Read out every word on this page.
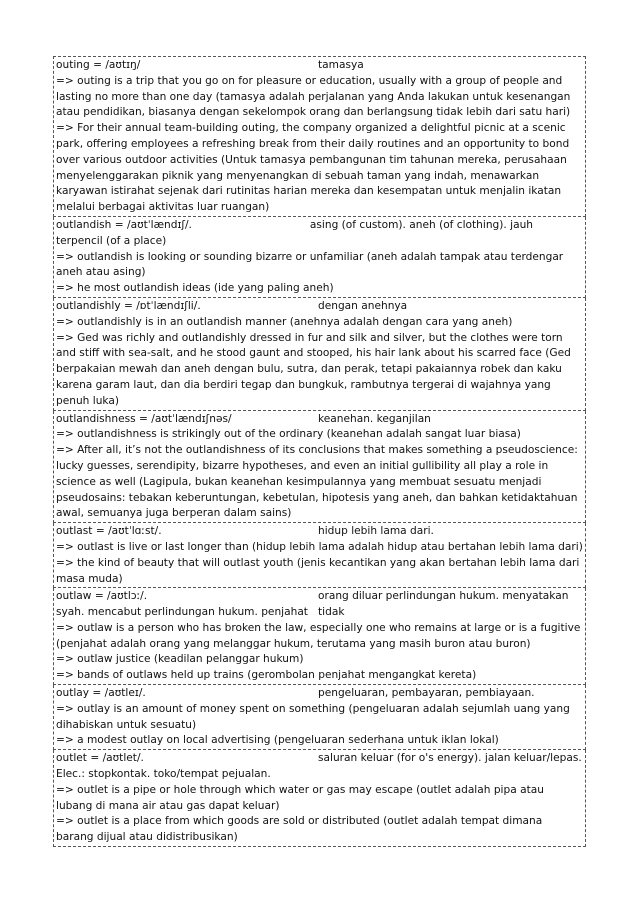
outing = /aʊtɪŋ/	tamasya
=> outing is a trip that you go on for pleasure or education, usually with a group of people and lasting no more than one day (tamasya adalah perjalanan yang Anda lakukan untuk kesenangan atau pendidikan, biasanya dengan sekelompok orang dan berlangsung tidak lebih dari satu hari)
=> For their annual team-building outing, the company organized a delightful picnic at a scenic park, offering employees a refreshing break from their daily routines and an opportunity to bond over various outdoor activities (Untuk tamasya pembangunan tim tahunan mereka, perusahaan menyelenggarakan piknik yang menyenangkan di sebuah taman yang indah, menawarkan karyawan istirahat sejenak dari rutinitas harian mereka dan kesempatan untuk menjalin ikatan melalui berbagai aktivitas luar ruangan)
outlandish = /aʊtˈlændɪʃ/.	asing (of custom). aneh (of clothing). jauh terpencil (of a place)
=> outlandish is looking or sounding bizarre or unfamiliar (aneh adalah tampak atau terdengar aneh atau asing)
=> he most outlandish ideas (ide yang paling aneh)
outlandishly = /ɒtˈlændɪʃli/.	dengan anehnya
=> outlandishly is in an outlandish manner (anehnya adalah dengan cara yang aneh)
=> Ged was richly and outlandishly dressed in fur and silk and silver, but the clothes were torn and stiff with sea-salt, and he stood gaunt and stooped, his hair lank about his scarred face (Ged berpakaian mewah dan aneh dengan bulu, sutra, dan perak, tetapi pakaiannya robek dan kaku karena garam laut, dan dia berdiri tegap dan bungkuk, rambutnya tergerai di wajahnya yang penuh luka)
outlandishness = /aʊtˈlændɪʃnəs/	keanehan. keganjilan
=> outlandishness is strikingly out of the ordinary (keanehan adalah sangat luar biasa)
=> After all, it’s not the outlandishness of its conclusions that makes something a pseudoscience: lucky guesses, serendipity, bizarre hypotheses, and even an initial gullibility all play a role in science as well (Lagipula, bukan keanehan kesimpulannya yang membuat sesuatu menjadi pseudosains: tebakan keberuntungan, kebetulan, hipotesis yang aneh, dan bahkan ketidaktahuan awal, semuanya juga berperan dalam sains)
outlast = /aʊtˈlɑːst/.	hidup lebih lama dari.
=> outlast is live or last longer than (hidup lebih lama adalah hidup atau bertahan lebih lama dari)
=> the kind of beauty that will outlast youth (jenis kecantikan yang akan bertahan lebih lama dari masa muda)
outlaw = /aʊtlɔː/.	orang diluar perlindungan hukum. menyatakan tidak
syah. mencabut perlindungan hukum. penjahat
=> outlaw is a person who has broken the law, especially one who remains at large or is a fugitive (penjahat adalah orang yang melanggar hukum, terutama yang masih buron atau buron)
=> outlaw justice (keadilan pelanggar hukum)
=> bands of outlaws held up trains (gerombolan penjahat mengangkat kereta)
outlay = /aʊtleɪ/.	pengeluaran, pembayaran, pembiayaan.
=> outlay is an amount of money spent on something (pengeluaran adalah sejumlah uang yang dihabiskan untuk sesuatu)
=> a modest outlay on local advertising (pengeluaran sederhana untuk iklan lokal)
outlet = /aʊtlet/.	saluran keluar (for o's energy). jalan keluar/lepas.
Elec.: stopkontak. toko/tempat pejualan.
=> outlet is a pipe or hole through which water or gas may escape (outlet adalah pipa atau lubang di mana air atau gas dapat keluar)
=> outlet is a place from which goods are sold or distributed (outlet adalah tempat dimana barang dijual atau didistribusikan)
